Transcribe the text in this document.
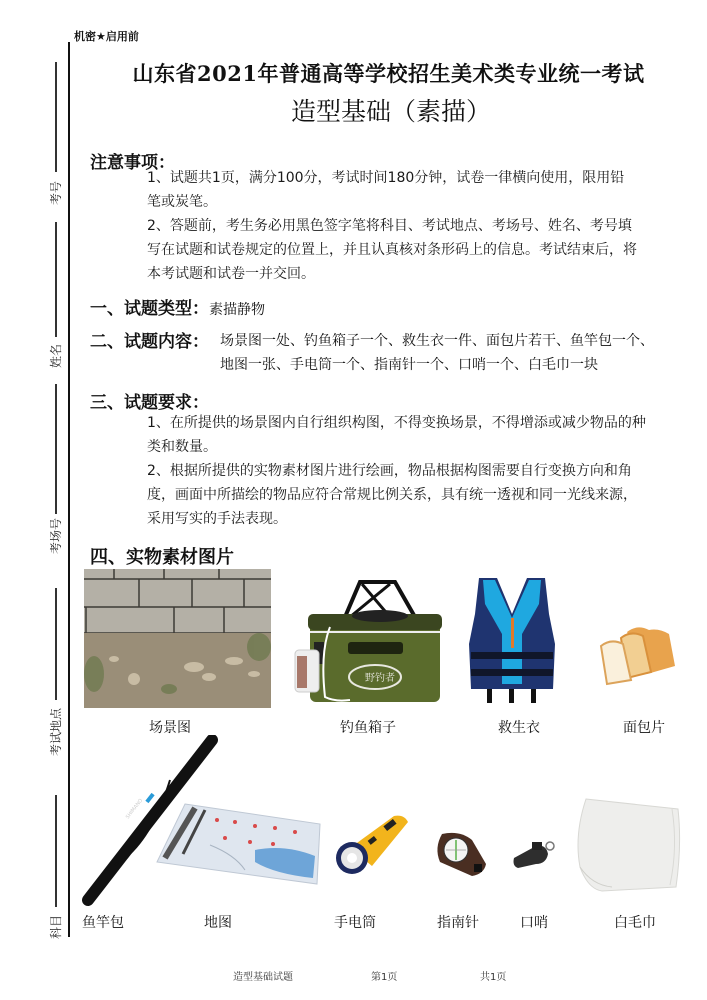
机密★启用前
考号
姓名
考场号
考试地点
科目
山东省2021年普通高等学校招生美术类专业统一考试
造型基础（素描）
注意事项：
1、试题共1页，满分100分，考试时间180分钟，试卷一律横向使用，限用铅笔或炭笔。
2、答题前，考生务必用黑色签字笔将科目、考试地点、考场号、姓名、考号填写在试题和试卷规定的位置上，并且认真核对条形码上的信息。考试结束后，将本考试题和试卷一并交回。
一、试题类型：素描静物
二、试题内容： 场景图一处、钓鱼箱子一个、救生衣一件、面包片若干、鱼竿包一个、地图一张、手电筒一个、指南针一个、口哨一个、白毛巾一块
三、试题要求：
1、在所提供的场景图内自行组织构图，不得变换场景，不得增添或减少物品的种类和数量。
2、根据所提供的实物素材图片进行绘画，物品根据构图需要自行变换方向和角度，画面中所描绘的物品应符合常规比例关系，具有统一透视和同一光线来源，采用写实的手法表现。
四、实物素材图片
场景图
野钓者
钓鱼箱子	救生衣	面包片
SHIMANO
鱼竿包	地图	手电筒	指南针	口哨	白毛巾
造型基础试题	第1页	共1页
